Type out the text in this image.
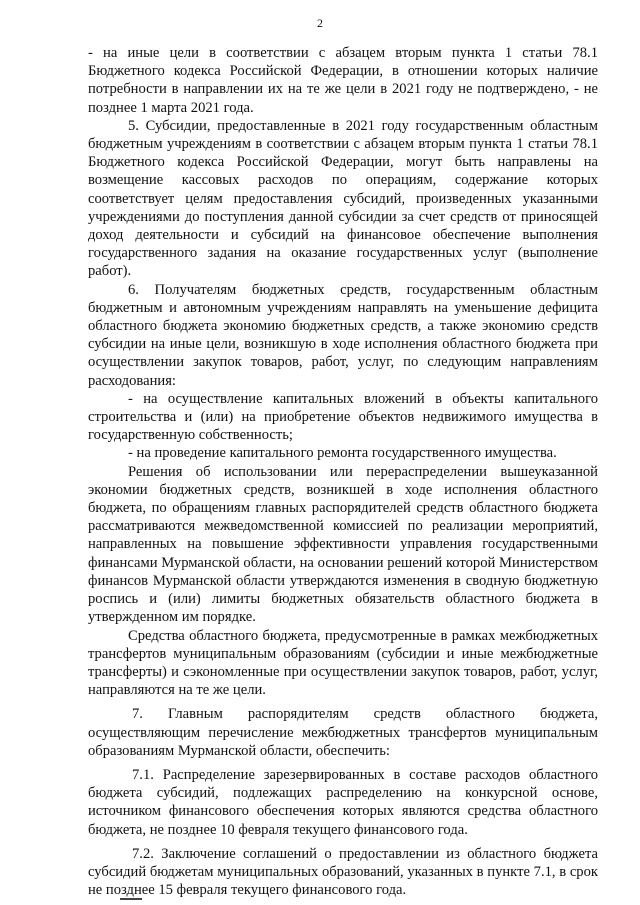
2

- на иные цели в соответствии с абзацем вторым пункта 1 статьи 78.1 Бюджетного кодекса Российской Федерации, в отношении которых наличие потребности в направлении их на те же цели в 2021 году не подтверждено, - не позднее 1 марта 2021 года.

5. Субсидии, предоставленные в 2021 году государственным областным бюджетным учреждениям в соответствии с абзацем вторым пункта 1 статьи 78.1 Бюджетного кодекса Российской Федерации, могут быть направлены на возмещение кассовых расходов по операциям, содержание которых соответствует целям предоставления субсидий, произведенных указанными учреждениями до поступления данной субсидии за счет средств от приносящей доход деятельности и субсидий на финансовое обеспечение выполнения государственного задания на оказание государственных услуг (выполнение работ).

6. Получателям бюджетных средств, государственным областным бюджетным и автономным учреждениям направлять на уменьшение дефицита областного бюджета экономию бюджетных средств, а также экономию средств субсидии на иные цели, возникшую в ходе исполнения областного бюджета при осуществлении закупок товаров, работ, услуг, по следующим направлениям расходования:

- на осуществление капитальных вложений в объекты капитального строительства и (или) на приобретение объектов недвижимого имущества в государственную собственность;

- на проведение капитального ремонта государственного имущества.

Решения об использовании или перераспределении вышеуказанной экономии бюджетных средств, возникшей в ходе исполнения областного бюджета, по обращениям главных распорядителей средств областного бюджета рассматриваются межведомственной комиссией по реализации мероприятий, направленных на повышение эффективности управления государственными финансами Мурманской области, на основании решений которой Министерством финансов Мурманской области утверждаются изменения в сводную бюджетную роспись и (или) лимиты бюджетных обязательств областного бюджета в утвержденном им порядке.

Средства областного бюджета, предусмотренные в рамках межбюджетных трансфертов муниципальным образованиям (субсидии и иные межбюджетные трансферты) и сэкономленные при осуществлении закупок товаров, работ, услуг, направляются на те же цели.

7. Главным распорядителям средств областного бюджета, осуществляющим перечисление межбюджетных трансфертов муниципальным образованиям Мурманской области, обеспечить:

7.1. Распределение зарезервированных в составе расходов областного бюджета субсидий, подлежащих распределению на конкурсной основе, источником финансового обеспечения которых являются средства областного бюджета, не позднее 10 февраля текущего финансового года.

7.2. Заключение соглашений о предоставлении из областного бюджета субсидий бюджетам муниципальных образований, указанных в пункте 7.1, в срок не позднее 15 февраля текущего финансового года.
